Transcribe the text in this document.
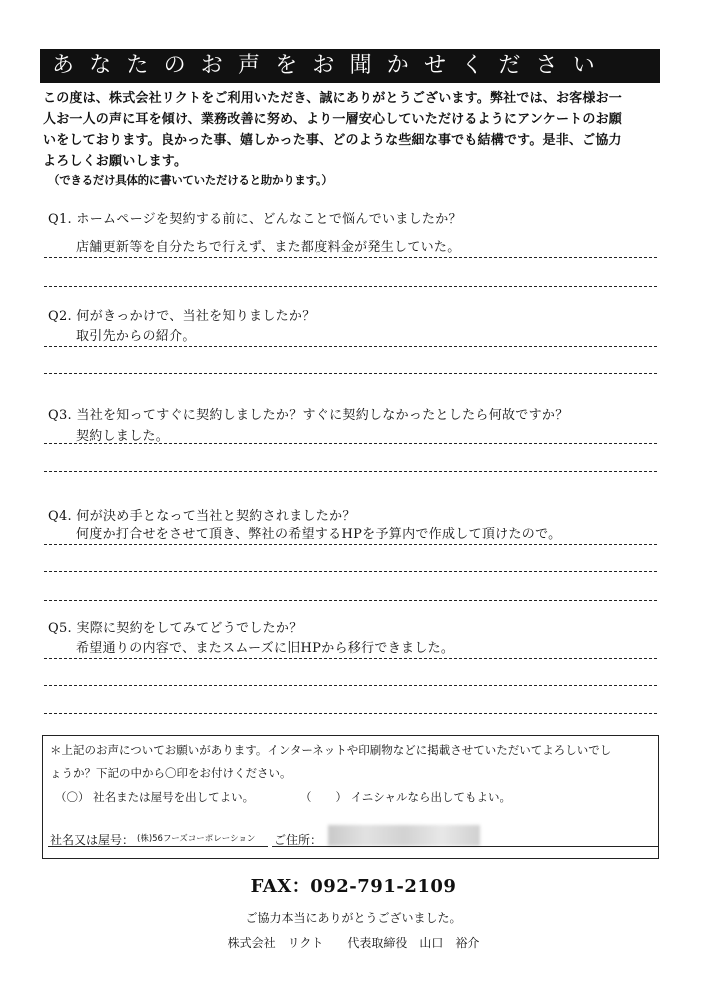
あなたのお声をお聞かせください
この度は、株式会社リクトをご利用いただき、誠にありがとうございます。弊社では、お客様お一
人お一人の声に耳を傾け、業務改善に努め、より一層安心していただけるようにアンケートのお願
いをしております。良かった事、嬉しかった事、どのような些細な事でも結構です。是非、ご協力
よろしくお願いします。
（できるだけ具体的に書いていただけると助かります。）
Q1. ホームページを契約する前に、どんなことで悩んでいましたか？
店舗更新等を自分たちで行えず、また都度料金が発生していた。
Q2. 何がきっかけで、当社を知りましたか？
取引先からの紹介。
Q3. 当社を知ってすぐに契約しましたか？すぐに契約しなかったとしたら何故ですか？
契約しました。
Q4. 何が決め手となって当社と契約されましたか？
何度か打合せをさせて頂き、弊社の希望するHPを予算内で作成して頂けたので。
Q5. 実際に契約をしてみてどうでしたか？
希望通りの内容で、またスムーズに旧HPから移行できました。
＊上記のお声についてお願いがあります。インターネットや印刷物などに掲載させていただいてよろしいでし
ょうか？下記の中から〇印をお付けください。
（〇） 社名または屋号を出してよい。	（ ） イニシャルなら出してもよい。
社名又は屋号： (株)56フーズコーポレーション ご住所：
FAX：092-791-2109
ご協力本当にありがとうございました。
株式会社　リクト　　代表取締役　山口　裕介
